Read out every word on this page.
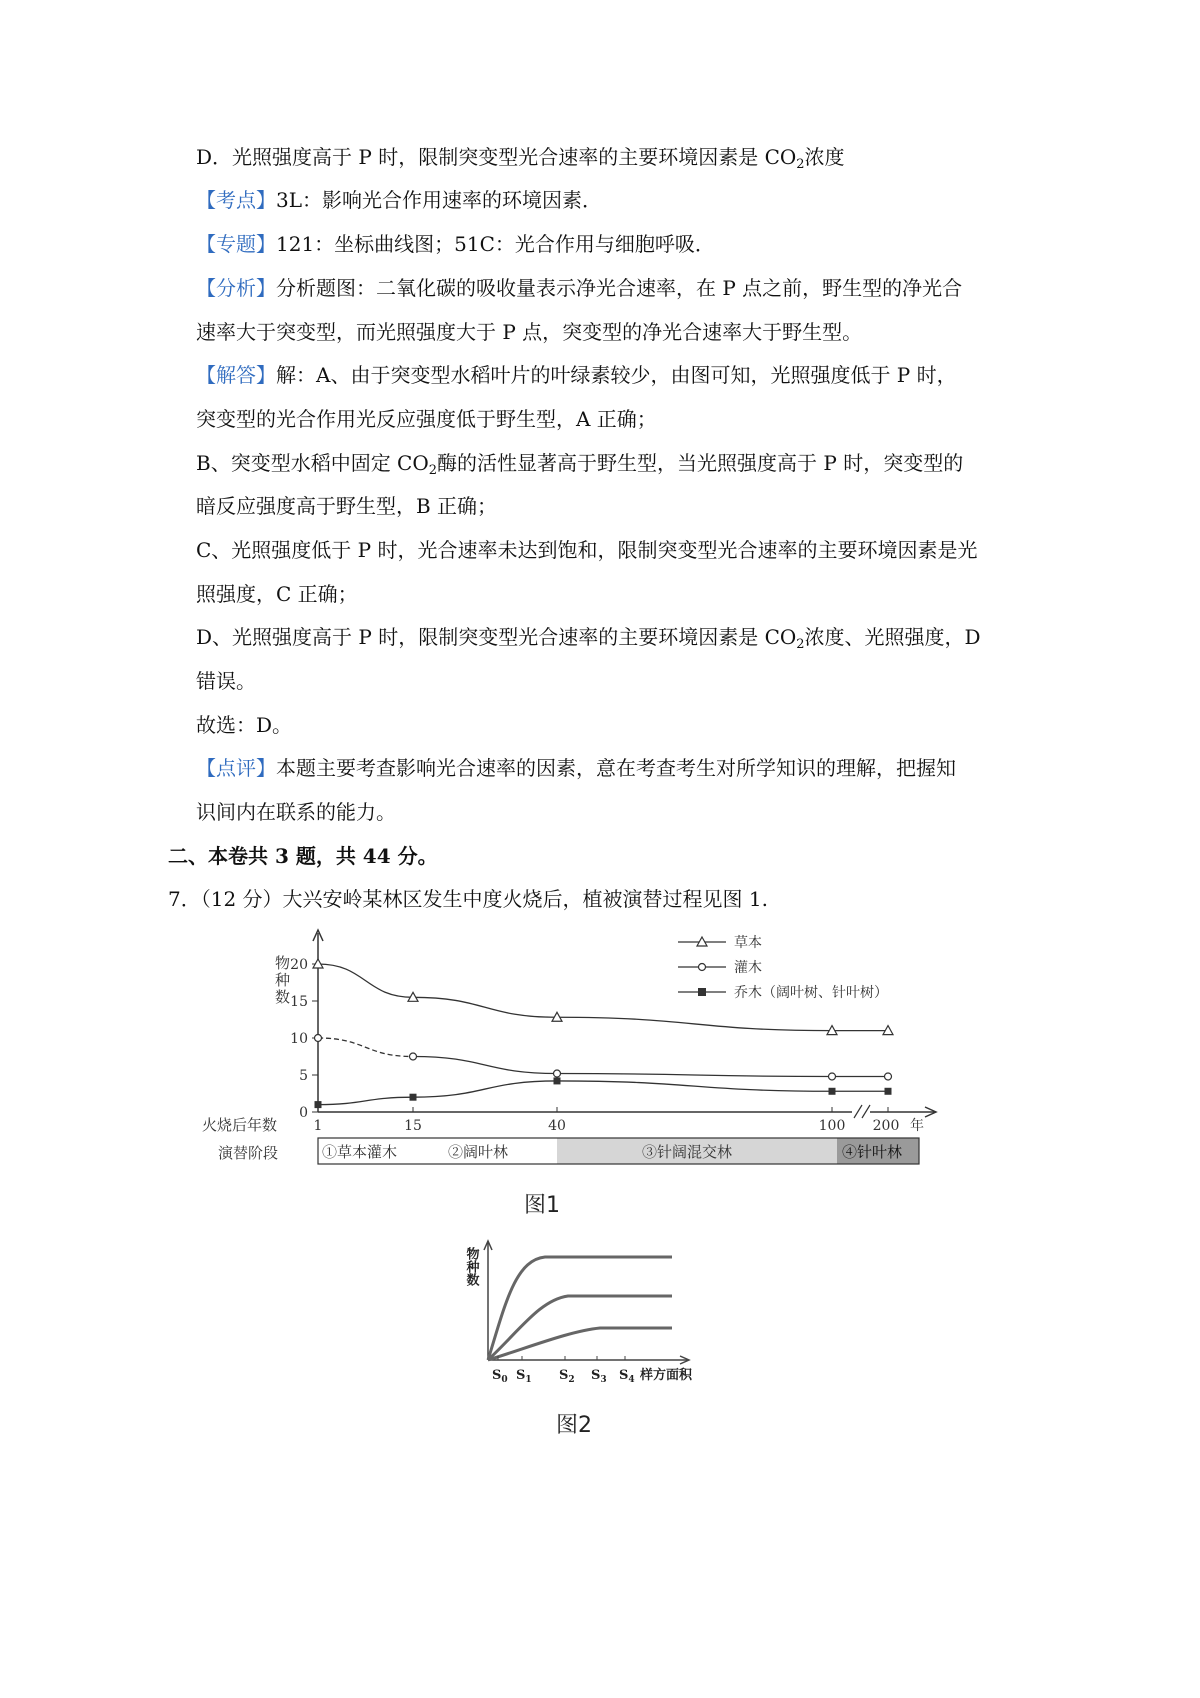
D．光照强度高于 P 时，限制突变型光合速率的主要环境因素是 $CO_2$浓度
【考点】3L：影响光合作用速率的环境因素．
【专题】121：坐标曲线图；51C：光合作用与细胞呼吸．
【分析】分析题图：二氧化碳的吸收量表示净光合速率，在 P 点之前，野生型的净光合
速率大于突变型，而光照强度大于 P 点，突变型的净光合速率大于野生型。
【解答】解：A、由于突变型水稻叶片的叶绿素较少，由图可知，光照强度低于 P 时，
突变型的光合作用光反应强度低于野生型，A 正确；
B、突变型水稻中固定 $CO_2$酶的活性显著高于野生型，当光照强度高于 P 时，突变型的
暗反应强度高于野生型，B 正确；
C、光照强度低于 P 时，光合速率未达到饱和，限制突变型光合速率的主要环境因素是光
照强度，C 正确；
D、光照强度高于 P 时，限制突变型光合速率的主要环境因素是 $CO_2$浓度、光照强度，D
错误。
故选：D。
【点评】本题主要考查影响光合速率的因素，意在考查考生对所学知识的理解，把握知
识间内在联系的能力。
二、本卷共 3 题，共 44 分。
7．（12 分）大兴安岭某林区发生中度火烧后，植被演替过程见图 1.
物种数
0
5
10
15
20
1	15	40	100 200 年
草本
灌木
乔木（阔叶树、针叶树）
火烧后年数
演替阶段	①草本灌木	②阔叶林	③针阔混交林	④针叶林
图1
物种数
$S_0$ $S_1$ $S_2$ $S_3$ $S_4$ 样方面积
图2
